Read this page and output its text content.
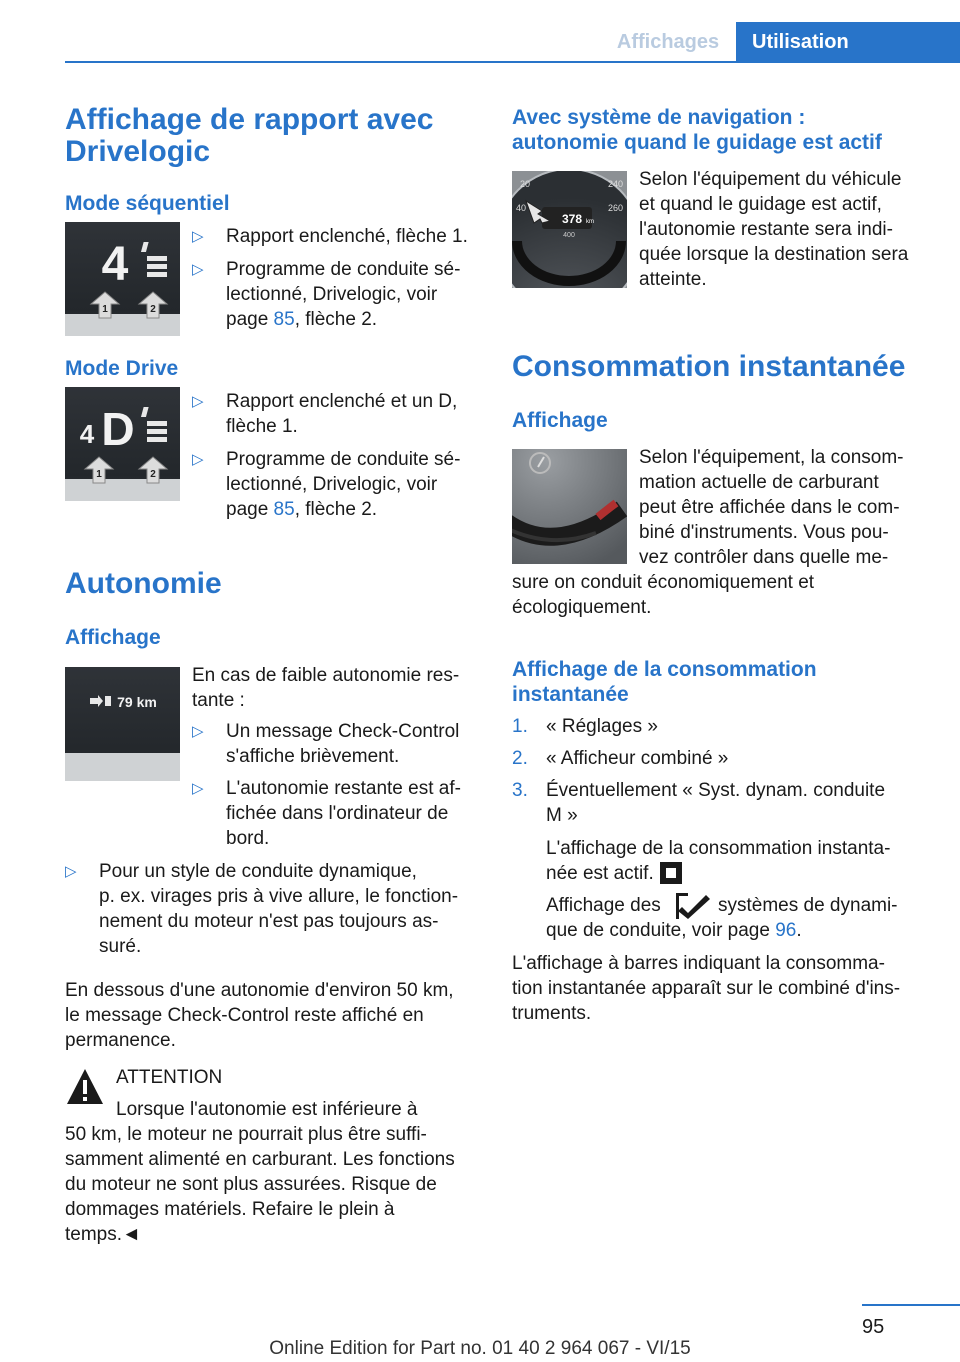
Affichages	Utilisation
Affichage de rapport avec
Drivelogic
Mode séquentiel
4
1	2
▷	Rapport enclenché, flèche 1.
▷	Programme de conduite sé‐
lectionné, Drivelogic, voir
page 85, flèche 2.
Mode Drive
4 D
1	2
▷	Rapport enclenché et un D,
flèche 1.
▷	Programme de conduite sé‐
lectionné, Drivelogic, voir
page 85, flèche 2.
Autonomie
Affichage
79 km
En cas de faible autonomie res‐
tante :
▷	Un message Check-Control
s'affiche brièvement.
▷	L'autonomie restante est af‐
fichée dans l'ordinateur de
bord.
▷	Pour un style de conduite dynamique,
p. ex. virages pris à vive allure, le fonction‐
nement du moteur n'est pas toujours as‐
suré.
En dessous d'une autonomie d'environ 50 km,
le message Check-Control reste affiché en
permanence.
ATTENTION
Lorsque l'autonomie est inférieure à
50 km, le moteur ne pourrait plus être suffi‐
samment alimenté en carburant. Les fonctions
du moteur ne sont plus assurées. Risque de
dommages matériels. Refaire le plein à
temps.◄
Avec système de navigation :
autonomie quand le guidage est actif
378 km
20
40
240
260
400
Selon l'équipement du véhicule
et quand le guidage est actif,
l'autonomie restante sera indi‐
quée lorsque la destination sera
atteinte.
Consommation instantanée
Affichage
Selon l'équipement, la consom‐
mation actuelle de carburant
peut être affichée dans le com‐
biné d'instruments. Vous pou‐
vez contrôler dans quelle me‐
sure on conduit économiquement et
écologiquement.
Affichage de la consommation
instantanée
1. « Réglages »
2. « Afficheur combiné »
3. Éventuellement « Syst. dynam. conduite
M »
L'affichage de la consommation instanta‐
née est actif.
Affichage des	systèmes de dynami‐
que de conduite, voir page 96.
L'affichage à barres indiquant la consomma‐
tion instantanée apparaît sur le combiné d'ins‐
truments.
95
Online Edition for Part no. 01 40 2 964 067 - VI/15
